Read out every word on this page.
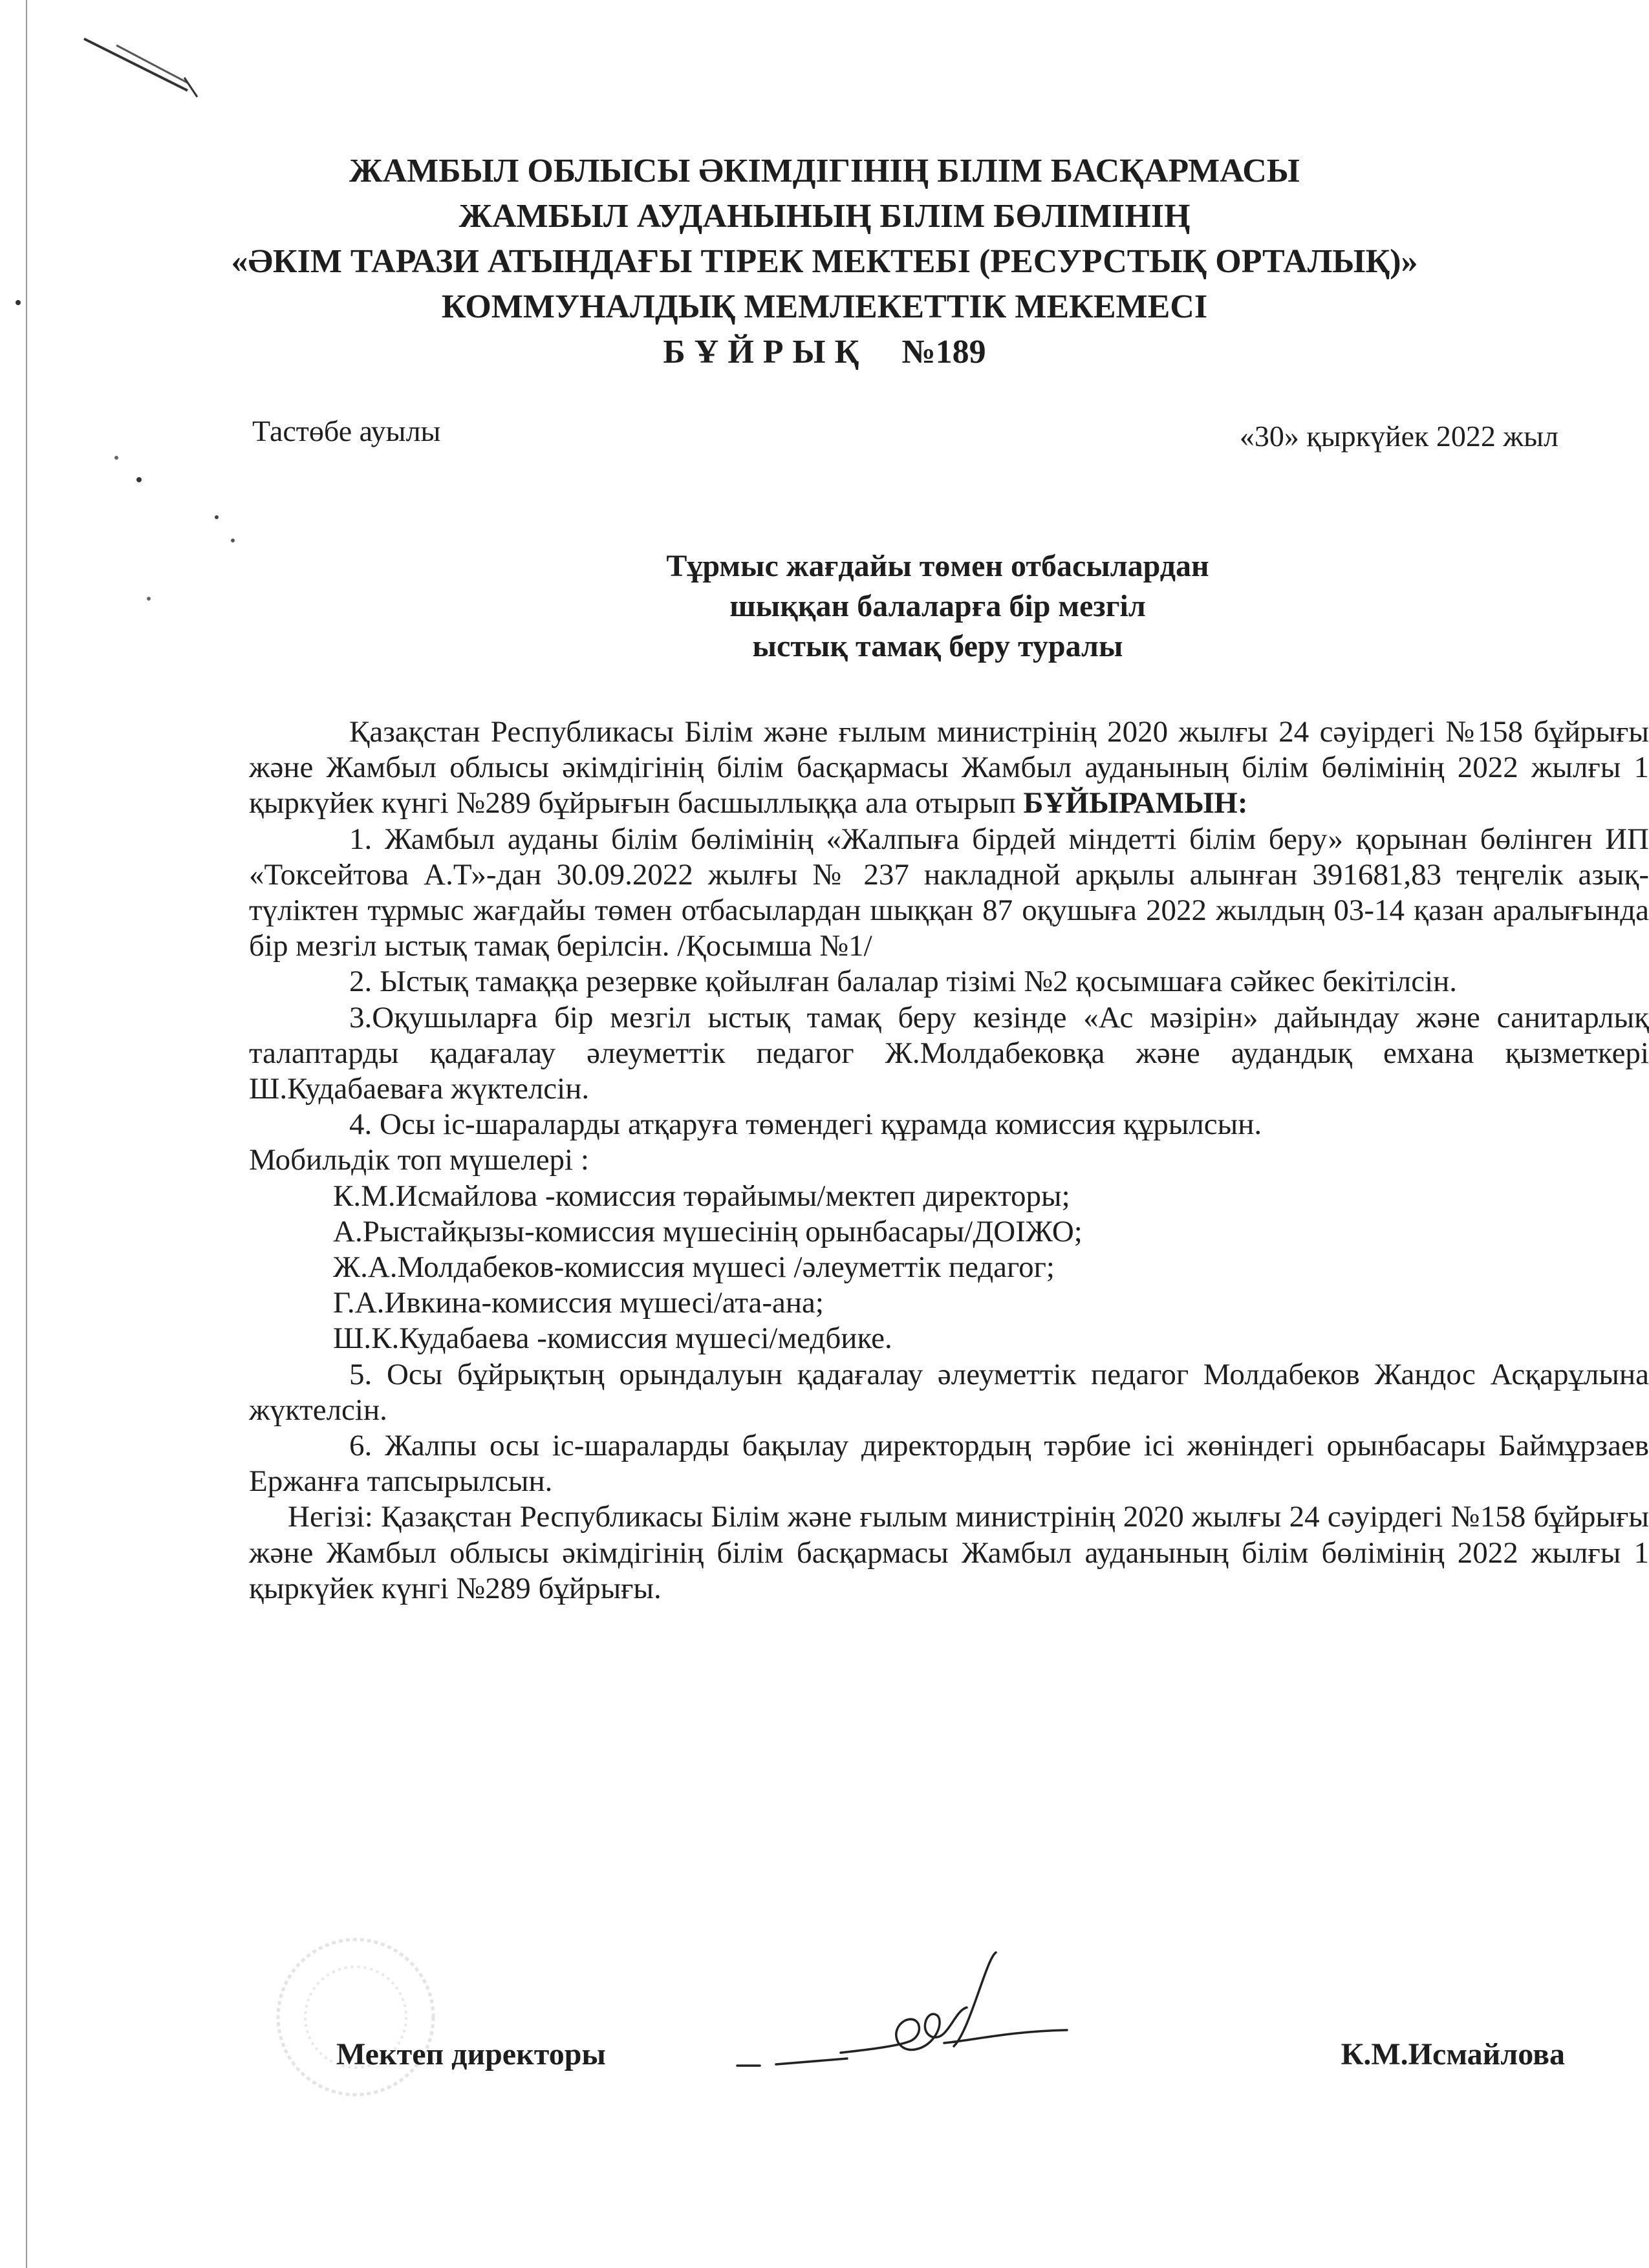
ЖАМБЫЛ ОБЛЫСЫ ӘКІМДІГІНІҢ БІЛІМ БАСҚАРМАСЫ
ЖАМБЫЛ АУДАНЫНЫҢ БІЛІМ БӨЛІМІНІҢ
«ӘКІМ ТАРАЗИ АТЫНДАҒЫ ТІРЕК МЕКТЕБІ (РЕСУРСТЫҚ ОРТАЛЫҚ)»
КОММУНАЛДЫҚ МЕМЛЕКЕТТІК МЕКЕМЕСІ
БҰЙРЫҚ №189
Тастөбе ауылы	«30» қыркүйек 2022 жыл
Тұрмыс жағдайы төмен отбасылардан
шыққан балаларға бір мезгіл
ыстық тамақ беру туралы

Қазақстан Республикасы Білім және ғылым министрінің 2020 жылғы 24 сәуірдегі №158 бұйрығы және Жамбыл облысы әкімдігінің білім басқармасы Жамбыл ауданының білім бөлімінің 2022 жылғы 1 қыркүйек күнгі №289 бұйрығын басшыллыққа ала отырып БҰЙЫРАМЫН:

1. Жамбыл ауданы білім бөлімінің «Жалпыға бірдей міндетті білім беру» қорынан бөлінген ИП «Токсейтова А.Т»-дан 30.09.2022 жылғы № 237 накладной арқылы алынған 391681,83 теңгелік азық-түліктен тұрмыс жағдайы төмен отбасылардан шыққан 87 оқушыға 2022 жылдың 03-14 қазан аралығында бір мезгіл ыстық тамақ берілсін. /Қосымша №1/

2. Ыстық тамаққа резервке қойылған балалар тізімі №2 қосымшаға сәйкес бекітілсін.

3.Оқушыларға бір мезгіл ыстық тамақ беру кезінде «Ас мәзірін» дайындау және санитарлық талаптарды қадағалау әлеуметтік педагог Ж.Молдабековқа және аудандық емхана қызметкері Ш.Кудабаеваға жүктелсін.

4. Осы іс-шараларды атқаруға төмендегі құрамда комиссия құрылсын.

Мобильдік топ мүшелері :

К.М.Исмайлова -комиссия төрайымы/мектеп директоры;

А.Рыстайқызы-комиссия мүшесінің орынбасары/ДОІЖО;

Ж.А.Молдабеков-комиссия мүшесі /әлеуметтік педагог;

Г.А.Ивкина-комиссия мүшесі/ата-ана;

Ш.К.Кудабаева -комиссия мүшесі/медбике.

5. Осы бұйрықтың орындалуын қадағалау әлеуметтік педагог Молдабеков Жандос Асқарұлына жүктелсін.

6. Жалпы осы іс-шараларды бақылау директордың тәрбие ісі жөніндегі орынбасары Баймұрзаев Ержанға тапсырылсын.

Негізі: Қазақстан Республикасы Білім және ғылым министрінің 2020 жылғы 24 сәуірдегі №158 бұйрығы және Жамбыл облысы әкімдігінің білім басқармасы Жамбыл ауданының білім бөлімінің 2022 жылғы 1 қыркүйек күнгі №289 бұйрығы.

Мектеп директоры	К.М.Исмайлова
